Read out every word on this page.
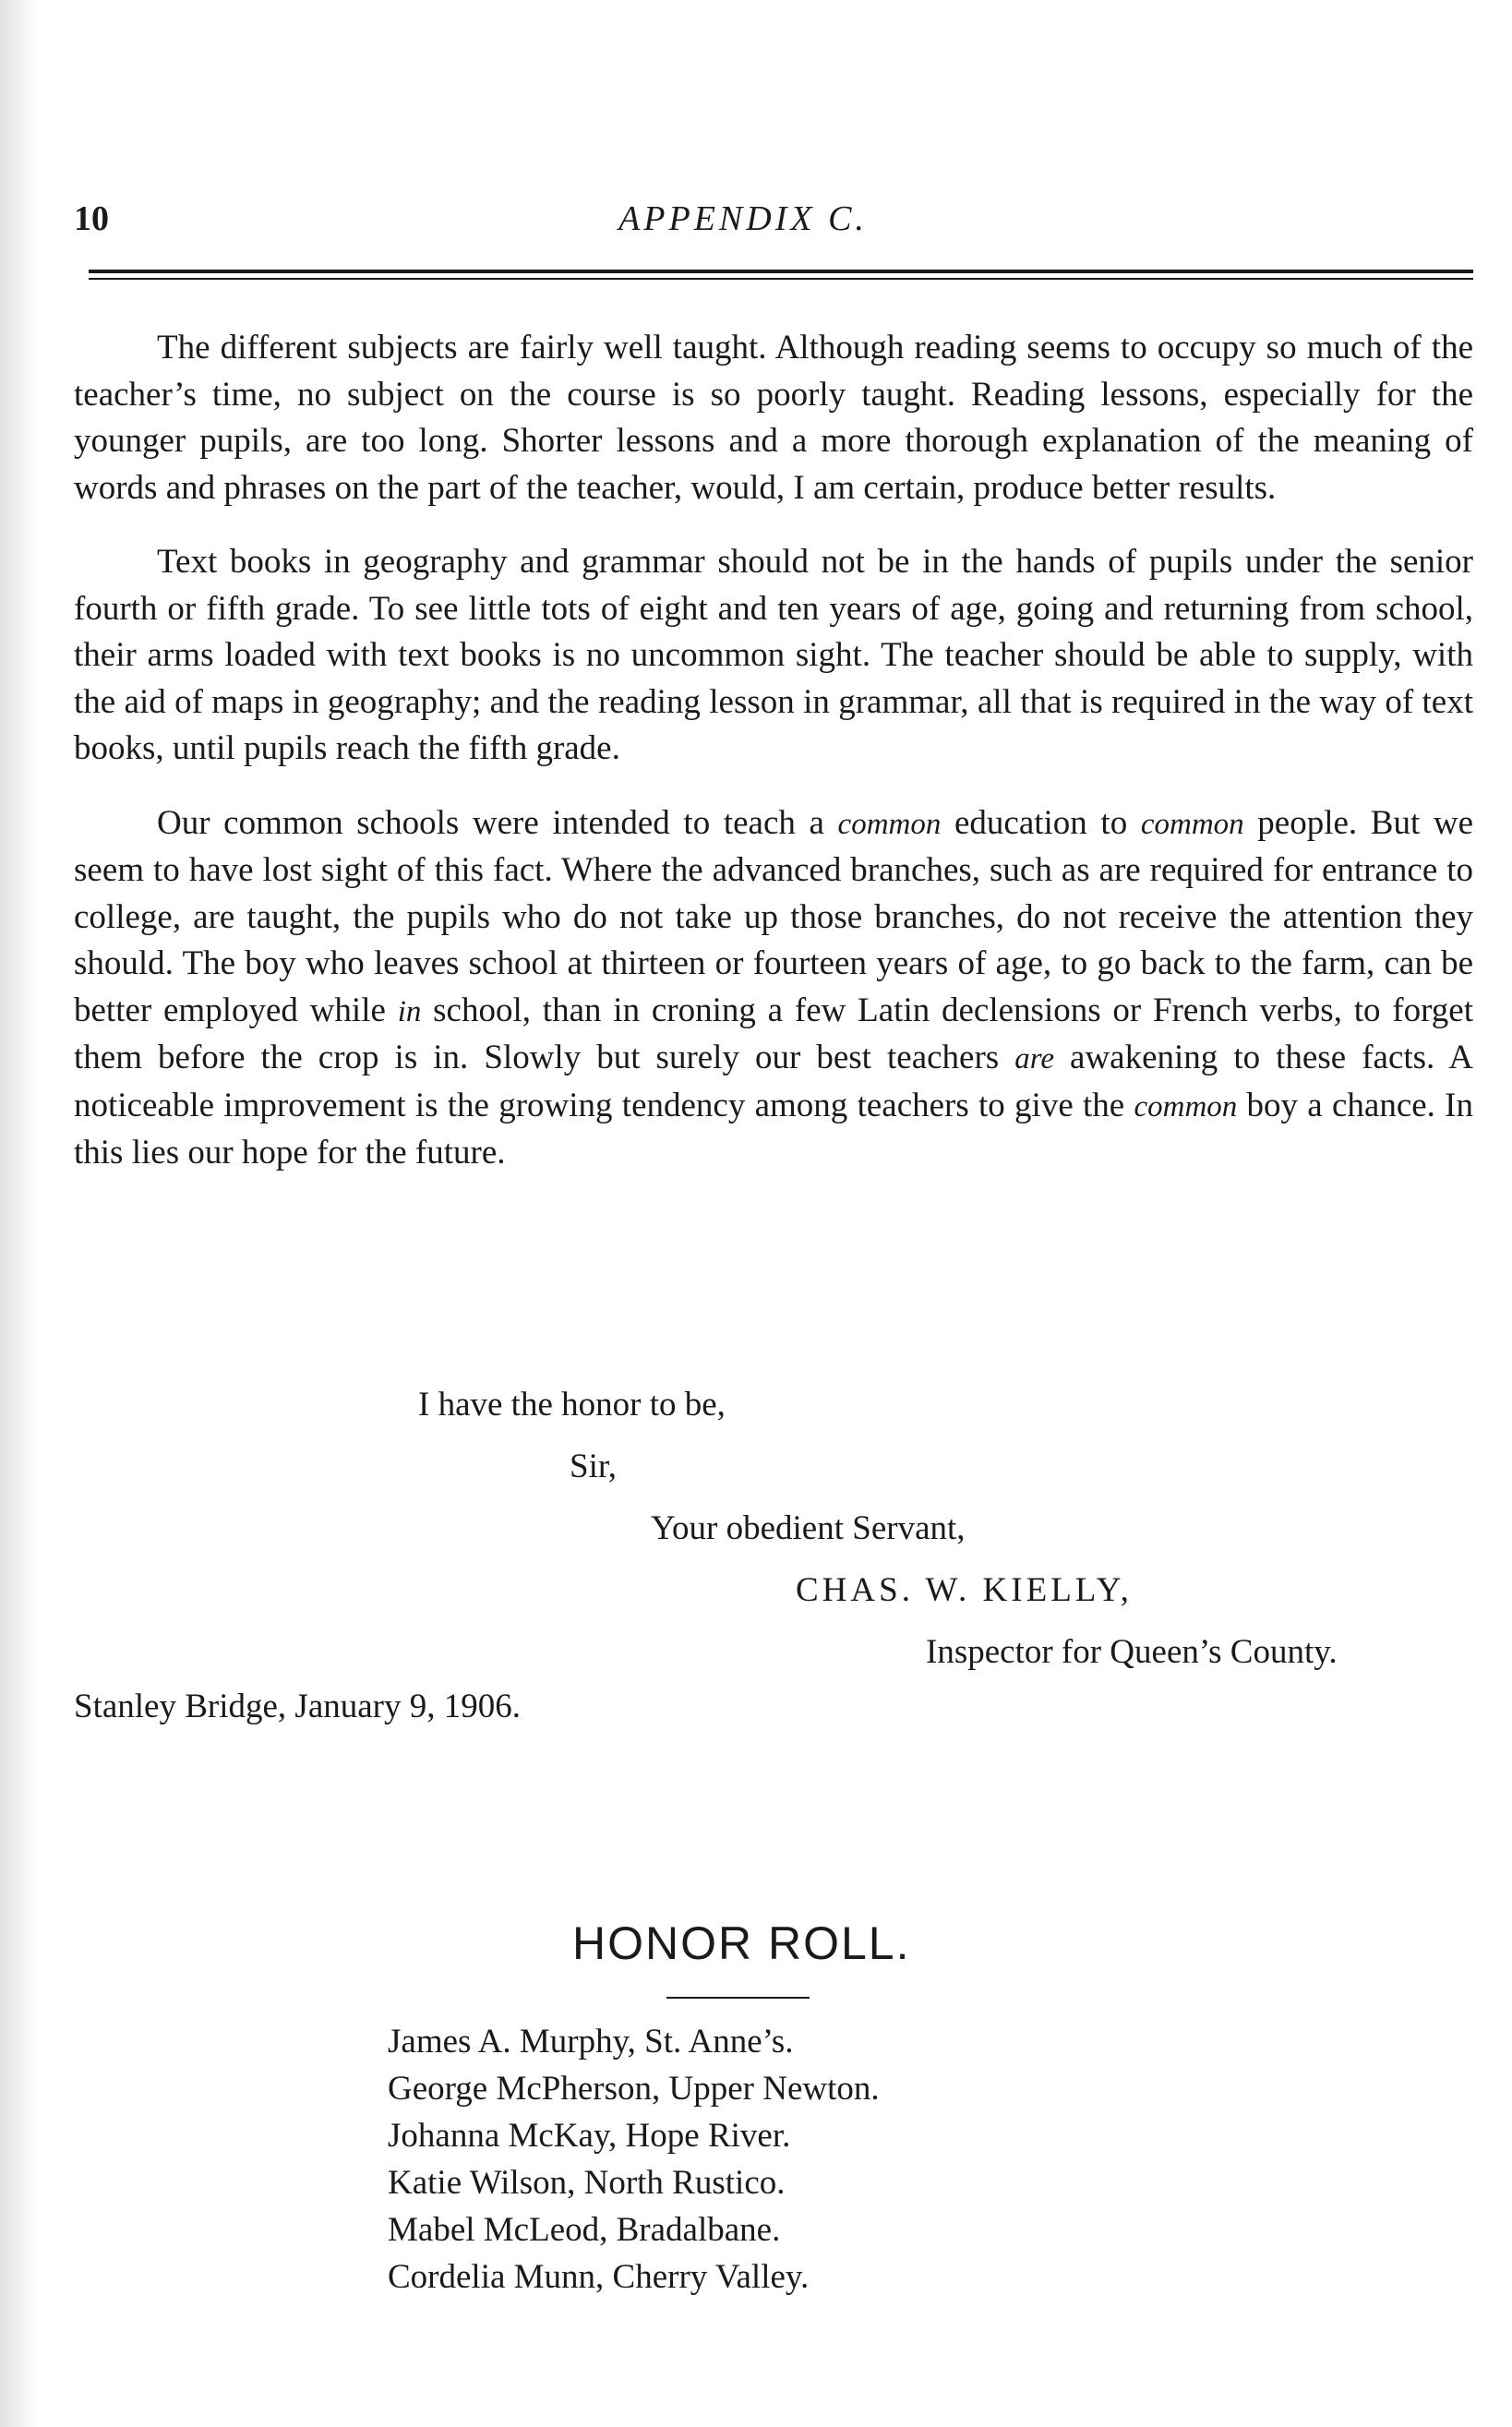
10	APPENDIX C.

The different subjects are fairly well taught. Although reading seems to occupy so much of the teacher’s time, no subject on the course is so poorly taught. Reading lessons, especially for the younger pupils, are too long. Shorter lessons and a more thorough explanation of the meaning of words and phrases on the part of the teacher, would, I am certain, produce better results.

Text books in geography and grammar should not be in the hands of pupils under the senior fourth or fifth grade. To see little tots of eight and ten years of age, going and returning from school, their arms loaded with text books is no uncommon sight. The teacher should be able to supply, with the aid of maps in geography; and the reading lesson in grammar, all that is required in the way of text books, until pupils reach the fifth grade.

Our common schools were intended to teach a common education to common people. But we seem to have lost sight of this fact. Where the advanced branches, such as are required for entrance to college, are taught, the pupils who do not take up those branches, do not receive the attention they should. The boy who leaves school at thirteen or fourteen years of age, to go back to the farm, can be better employed while in school, than in croning a few Latin declensions or French verbs, to forget them before the crop is in. Slowly but surely our best teachers are awakening to these facts. A noticeable improvement is the growing tendency among teachers to give the common boy a chance. In this lies our hope for the future.

I have the honor to be,
Sir,
Your obedient Servant,
CHAS. W. KIELLY,
Inspector for Queen’s County.
Stanley Bridge, January 9, 1906.
HONOR ROLL.
James A. Murphy, St. Anne’s.
George McPherson, Upper Newton.
Johanna McKay, Hope River.
Katie Wilson, North Rustico.
Mabel McLeod, Bradalbane.
Cordelia Munn, Cherry Valley.
